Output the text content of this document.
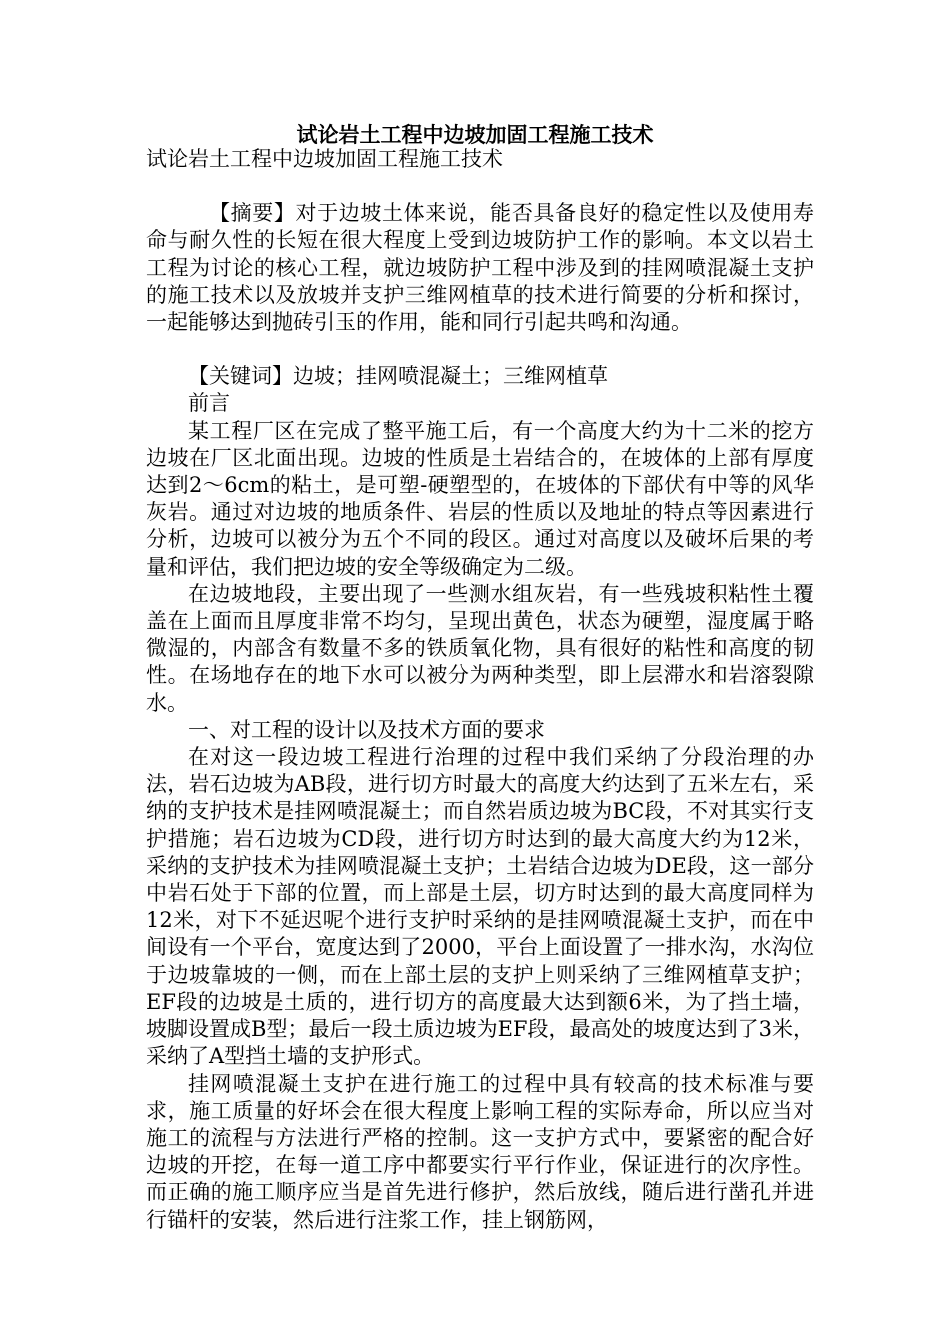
试论岩土工程中边坡加固工程施工技术

试论岩土工程中边坡加固工程施工技术

【摘要】对于边坡土体来说，能否具备良好的稳定性以及使用寿命与耐久性的长短在很大程度上受到边坡防护工作的影响。本文以岩土工程为讨论的核心工程，就边坡防护工程中涉及到的挂网喷混凝土支护的施工技术以及放坡并支护三维网植草的技术进行简要的分析和探讨，一起能够达到抛砖引玉的作用，能和同行引起共鸣和沟通。

【关键词】边坡；挂网喷混凝土；三维网植草

前言

某工程厂区在完成了整平施工后，有一个高度大约为十二米的挖方边坡在厂区北面出现。边坡的性质是土岩结合的，在坡体的上部有厚度达到2～6cm的粘土，是可塑-硬塑型的，在坡体的下部伏有中等的风华灰岩。通过对边坡的地质条件、岩层的性质以及地址的特点等因素进行分析，边坡可以被分为五个不同的段区。通过对高度以及破坏后果的考量和评估，我们把边坡的安全等级确定为二级。

在边坡地段，主要出现了一些测水组灰岩，有一些残坡积粘性土覆盖在上面而且厚度非常不均匀，呈现出黄色，状态为硬塑，湿度属于略微湿的，内部含有数量不多的铁质氧化物，具有很好的粘性和高度的韧性。在场地存在的地下水可以被分为两种类型，即上层滞水和岩溶裂隙水。

一、对工程的设计以及技术方面的要求

在对这一段边坡工程进行治理的过程中我们采纳了分段治理的办法，岩石边坡为AB段，进行切方时最大的高度大约达到了五米左右，采纳的支护技术是挂网喷混凝土；而自然岩质边坡为BC段，不对其实行支护措施；岩石边坡为CD段，进行切方时达到的最大高度大约为12米，采纳的支护技术为挂网喷混凝土支护；土岩结合边坡为DE段，这一部分中岩石处于下部的位置，而上部是土层，切方时达到的最大高度同样为12米，对下不延迟呢个进行支护时采纳的是挂网喷混凝土支护，而在中间设有一个平台，宽度达到了2000，平台上面设置了一排水沟，水沟位于边坡靠坡的一侧，而在上部土层的支护上则采纳了三维网植草支护；EF段的边坡是土质的，进行切方的高度最大达到额6米，为了挡土墙，坡脚设置成B型；最后一段土质边坡为EF段，最高处的坡度达到了3米，采纳了A型挡土墙的支护形式。

挂网喷混凝土支护在进行施工的过程中具有较高的技术标准与要求，施工质量的好坏会在很大程度上影响工程的实际寿命，所以应当对施工的流程与方法进行严格的控制。这一支护方式中，要紧密的配合好边坡的开挖，在每一道工序中都要实行平行作业，保证进行的次序性。而正确的施工顺序应当是首先进行修护，然后放线，随后进行凿孔并进行锚杆的安装，然后进行注浆工作，挂上钢筋网，
